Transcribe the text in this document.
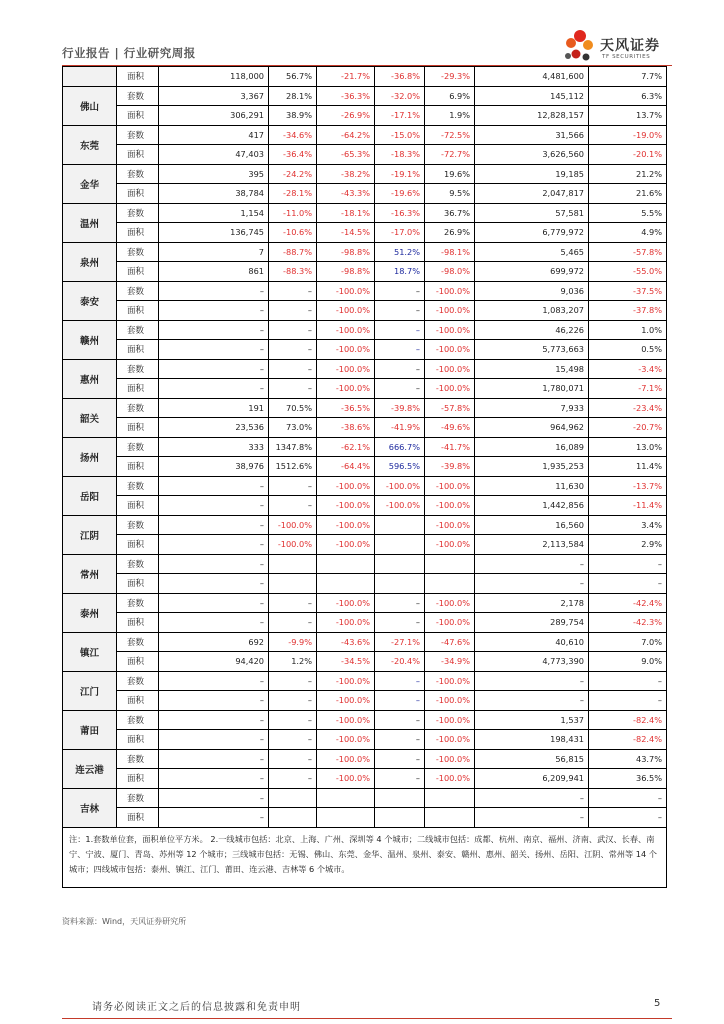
行业报告 | 行业研究周报	天风证券
TF SECURITIES
	面积	118,000	56.7%	-21.7%	-36.8%	-29.3%	4,481,600	7.7%
佛山	套数	3,367	28.1%	-36.3%	-32.0%	6.9%	145,112	6.3%
	面积	306,291	38.9%	-26.9%	-17.1%	1.9%	12,828,157	13.7%
东莞	套数	417	-34.6%	-64.2%	-15.0%	-72.5%	31,566	-19.0%
	面积	47,403	-36.4%	-65.3%	-18.3%	-72.7%	3,626,560	-20.1%
金华	套数	395	-24.2%	-38.2%	-19.1%	19.6%	19,185	21.2%
	面积	38,784	-28.1%	-43.3%	-19.6%	9.5%	2,047,817	21.6%
温州	套数	1,154	-11.0%	-18.1%	-16.3%	36.7%	57,581	5.5%
	面积	136,745	-10.6%	-14.5%	-17.0%	26.9%	6,779,972	4.9%
泉州	套数	7	-88.7%	-98.8%	51.2%	-98.1%	5,465	-57.8%
	面积	861	-88.3%	-98.8%	18.7%	-98.0%	699,972	-55.0%
泰安	套数	–	–	-100.0%	–	-100.0%	9,036	-37.5%
	面积	–	–	-100.0%	–	-100.0%	1,083,207	-37.8%
赣州	套数	–	–	-100.0%	–	-100.0%	46,226	1.0%
	面积	–	–	-100.0%	–	-100.0%	5,773,663	0.5%
惠州	套数	–	–	-100.0%	–	-100.0%	15,498	-3.4%
	面积	–	–	-100.0%	–	-100.0%	1,780,071	-7.1%
韶关	套数	191	70.5%	-36.5%	-39.8%	-57.8%	7,933	-23.4%
	面积	23,536	73.0%	-38.6%	-41.9%	-49.6%	964,962	-20.7%
扬州	套数	333	1347.8%	-62.1%	666.7%	-41.7%	16,089	13.0%
	面积	38,976	1512.6%	-64.4%	596.5%	-39.8%	1,935,253	11.4%
岳阳	套数	–	–	-100.0%	-100.0%	-100.0%	11,630	-13.7%
	面积	–	–	-100.0%	-100.0%	-100.0%	1,442,856	-11.4%
江阴	套数	–	-100.0%	-100.0%		-100.0%	16,560	3.4%
	面积	–	-100.0%	-100.0%		-100.0%	2,113,584	2.9%
常州	套数	–					–	–
	面积	–					–	–
泰州	套数	–	–	-100.0%	–	-100.0%	2,178	-42.4%
	面积	–	–	-100.0%	–	-100.0%	289,754	-42.3%
镇江	套数	692	-9.9%	-43.6%	-27.1%	-47.6%	40,610	7.0%
	面积	94,420	1.2%	-34.5%	-20.4%	-34.9%	4,773,390	9.0%
江门	套数	–	–	-100.0%	–	-100.0%	–	–
	面积	–	–	-100.0%	–	-100.0%	–	–
莆田	套数	–	–	-100.0%	–	-100.0%	1,537	-82.4%
	面积	–	–	-100.0%	–	-100.0%	198,431	-82.4%
连云港	套数	–	–	-100.0%	–	-100.0%	56,815	43.7%
	面积	–	–	-100.0%	–	-100.0%	6,209,941	36.5%
吉林	套数	–					–	–
	面积	–					–	–
注：1.套数单位套，面积单位平方米。 2.一线城市包括：北京、上海、广州、深圳等 4 个城市；二线城市包括：成都、杭州、南京、福州、济南、武汉、长春、南宁、宁波、厦门、青岛、苏州等 12 个城市；三线城市包括：无锡、佛山、东莞、金华、温州、泉州、泰安、赣州、惠州、韶关、扬州、岳阳、江阴、常州等 14 个城市；四线城市包括：泰州、镇江、江门、莆田、连云港、吉林等 6 个城市。								
资料来源：Wind，天风证券研究所
请务必阅读正文之后的信息披露和免责申明	5
